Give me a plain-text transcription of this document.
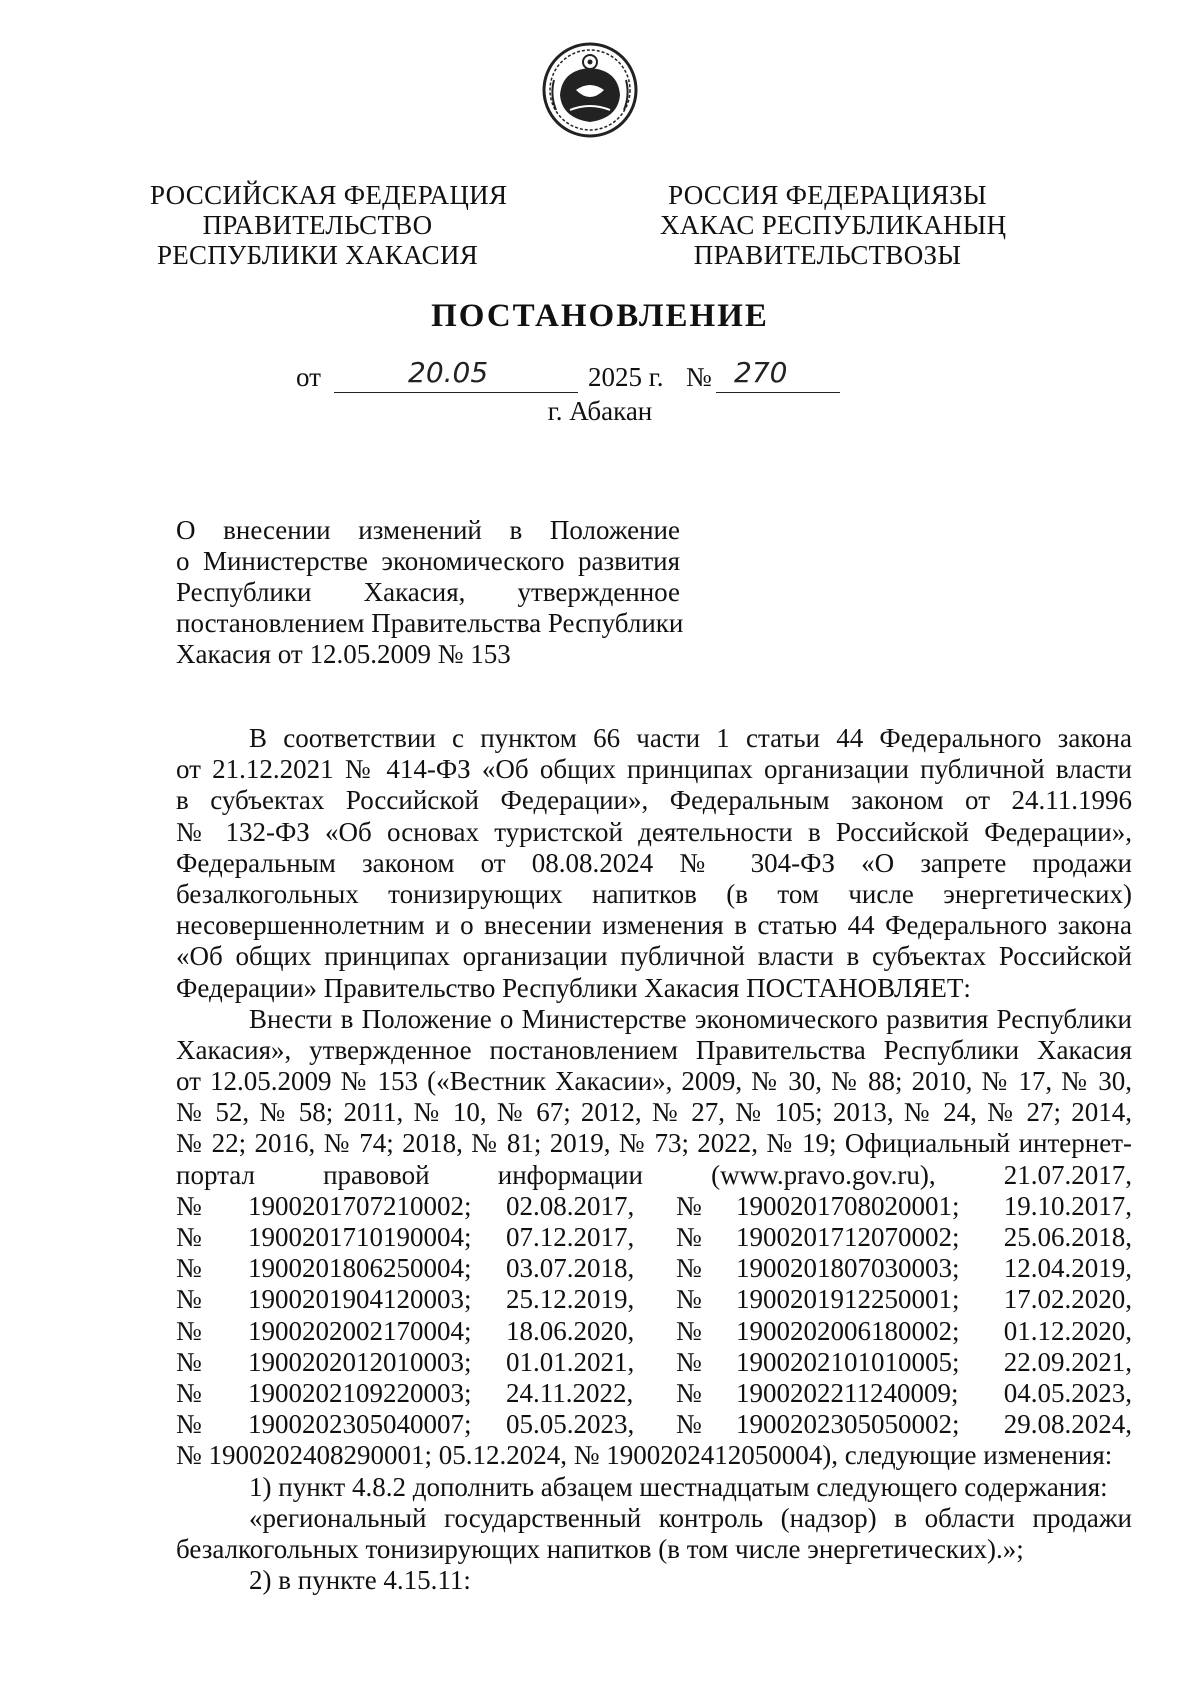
РОССИЙСКАЯ ФЕДЕРАЦИЯ
ПРАВИТЕЛЬСТВО
РЕСПУБЛИКИ ХАКАСИЯ
РОССИЯ ФЕДЕРАЦИЯЗЫ
ХАКАС РЕСПУБЛИКАНЫҢ
ПРАВИТЕЛЬСТВОЗЫ
ПОСТАНОВЛЕНИЕ
от	20.05	2025 г. № 270
г. Абакан
О внесении изменений в Положение
о Министерстве экономического развития
Республики Хакасия, утвержденное
постановлением Правительства Республики
Хакасия от 12.05.2009 № 153
В соответствии с пунктом 66 части 1 статьи 44 Федерального закона
от 21.12.2021 № 414-ФЗ «Об общих принципах организации публичной власти
в субъектах Российской Федерации», Федеральным законом от 24.11.1996
№ 132-ФЗ «Об основах туристской деятельности в Российской Федерации»,
Федеральным законом от 08.08.2024 № 304-ФЗ «О запрете продажи
безалкогольных тонизирующих напитков (в том числе энергетических)
несовершеннолетним и о внесении изменения в статью 44 Федерального закона
«Об общих принципах организации публичной власти в субъектах Российской
Федерации» Правительство Республики Хакасия ПОСТАНОВЛЯЕТ:
Внести в Положение о Министерстве экономического развития Республики
Хакасия», утвержденное постановлением Правительства Республики Хакасия
от 12.05.2009 № 153 («Вестник Хакасии», 2009, № 30, № 88; 2010, № 17, № 30,
№ 52, № 58; 2011, № 10, № 67; 2012, № 27, № 105; 2013, № 24, № 27; 2014,
№ 22; 2016, № 74; 2018, № 81; 2019, № 73; 2022, № 19; Официальный интернет-
портал правовой информации (www.pravo.gov.ru), 21.07.2017,
№ 1900201707210002; 02.08.2017, № 1900201708020001; 19.10.2017,
№ 1900201710190004; 07.12.2017, № 1900201712070002; 25.06.2018,
№ 1900201806250004; 03.07.2018, № 1900201807030003; 12.04.2019,
№ 1900201904120003; 25.12.2019, № 1900201912250001; 17.02.2020,
№ 1900202002170004; 18.06.2020, № 1900202006180002; 01.12.2020,
№ 1900202012010003; 01.01.2021, № 1900202101010005; 22.09.2021,
№ 1900202109220003; 24.11.2022, № 1900202211240009; 04.05.2023,
№ 1900202305040007; 05.05.2023, № 1900202305050002; 29.08.2024,
№ 1900202408290001; 05.12.2024, № 1900202412050004), следующие изменения:
1) пункт 4.8.2 дополнить абзацем шестнадцатым следующего содержания:
«региональный государственный контроль (надзор) в области продажи
безалкогольных тонизирующих напитков (в том числе энергетических).»;
2) в пункте 4.15.11:
